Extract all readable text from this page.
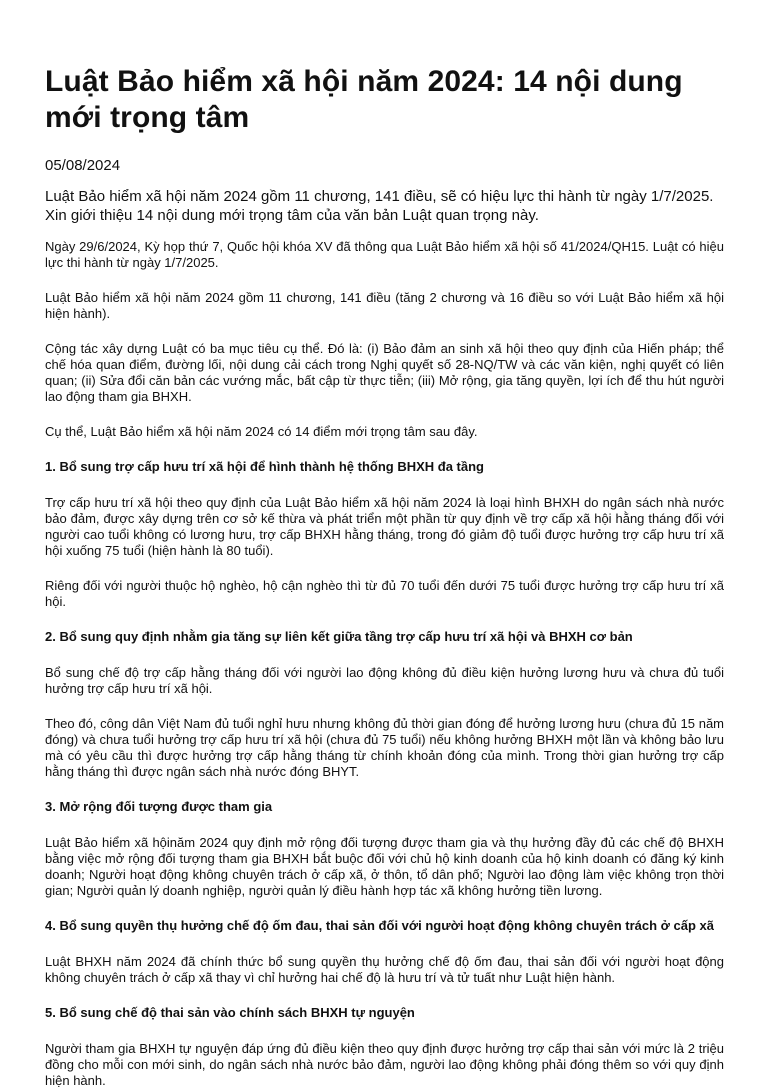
Luật Bảo hiểm xã hội năm 2024: 14 nội dung mới trọng tâm
05/08/2024
Luật Bảo hiểm xã hội năm 2024 gồm 11 chương, 141 điều, sẽ có hiệu lực thi hành từ ngày 1/7/2025. Xin giới thiệu 14 nội dung mới trọng tâm của văn bản Luật quan trọng này.

Ngày 29/6/2024, Kỳ họp thứ 7, Quốc hội khóa XV đã thông qua Luật Bảo hiểm xã hội số 41/2024/QH15. Luật có hiệu lực thi hành từ ngày 1/7/2025.

Luật Bảo hiểm xã hội năm 2024 gồm 11 chương, 141 điều (tăng 2 chương và 16 điều so với Luật Bảo hiểm xã hội hiện hành).

Cộng tác xây dựng Luật có ba mục tiêu cụ thể. Đó là: (i) Bảo đảm an sinh xã hội theo quy định của Hiến pháp; thể chế hóa quan điểm, đường lối, nội dung cải cách trong Nghị quyết số 28-NQ/TW và các văn kiện, nghị quyết có liên quan; (ii) Sửa đổi căn bản các vướng mắc, bất cập từ thực tiễn; (iii) Mở rộng, gia tăng quyền, lợi ích để thu hút người lao động tham gia BHXH.

Cụ thể, Luật Bảo hiểm xã hội năm 2024 có 14 điểm mới trọng tâm sau đây.

1. Bổ sung trợ cấp hưu trí xã hội để hình thành hệ thống BHXH đa tầng

Trợ cấp hưu trí xã hội theo quy định của Luật Bảo hiểm xã hội năm 2024 là loại hình BHXH do ngân sách nhà nước bảo đảm, được xây dựng trên cơ sở kế thừa và phát triển một phần từ quy định về trợ cấp xã hội hằng tháng đối với người cao tuổi không có lương hưu, trợ cấp BHXH hằng tháng, trong đó giảm độ tuổi được hưởng trợ cấp hưu trí xã hội xuống 75 tuổi (hiện hành là 80 tuổi).

Riêng đối với người thuộc hộ nghèo, hộ cận nghèo thì từ đủ 70 tuổi đến dưới 75 tuổi được hưởng trợ cấp hưu trí xã hội.

2. Bổ sung quy định nhằm gia tăng sự liên kết giữa tầng trợ cấp hưu trí xã hội và BHXH cơ bản

Bổ sung chế độ trợ cấp hằng tháng đối với người lao động không đủ điều kiện hưởng lương hưu và chưa đủ tuổi hưởng trợ cấp hưu trí xã hội.

Theo đó, công dân Việt Nam đủ tuổi nghỉ hưu nhưng không đủ thời gian đóng để hưởng lương hưu (chưa đủ 15 năm đóng) và chưa tuổi hưởng trợ cấp hưu trí xã hội (chưa đủ 75 tuổi) nếu không hưởng BHXH một lần và không bảo lưu mà có yêu cầu thì được hưởng trợ cấp hằng tháng từ chính khoản đóng của mình. Trong thời gian hưởng trợ cấp hằng tháng thì được ngân sách nhà nước đóng BHYT.

3. Mở rộng đối tượng được tham gia

Luật Bảo hiểm xã hộinăm 2024 quy định mở rộng đối tượng được tham gia và thụ hưởng đầy đủ các chế độ BHXH bằng việc mở rộng đối tượng tham gia BHXH bắt buộc đối với chủ hộ kinh doanh của hộ kinh doanh có đăng ký kinh doanh; Người hoạt động không chuyên trách ở cấp xã, ở thôn, tổ dân phố; Người lao động làm việc không trọn thời gian; Người quản lý doanh nghiệp, người quản lý điều hành hợp tác xã không hưởng tiền lương.

4. Bổ sung quyền thụ hưởng chế độ ốm đau, thai sản đối với người hoạt động không chuyên trách ở cấp xã

Luật BHXH năm 2024 đã chính thức bổ sung quyền thụ hưởng chế độ ốm đau, thai sản đối với người hoạt động không chuyên trách ở cấp xã thay vì chỉ hưởng hai chế độ là hưu trí và tử tuất như Luật hiện hành.

5. Bổ sung chế độ thai sản vào chính sách BHXH tự nguyện

Người tham gia BHXH tự nguyện đáp ứng đủ điều kiện theo quy định được hưởng trợ cấp thai sản với mức là 2 triệu đồng cho mỗi con mới sinh, do ngân sách nhà nước bảo đảm, người lao động không phải đóng thêm so với quy định hiện hành.
